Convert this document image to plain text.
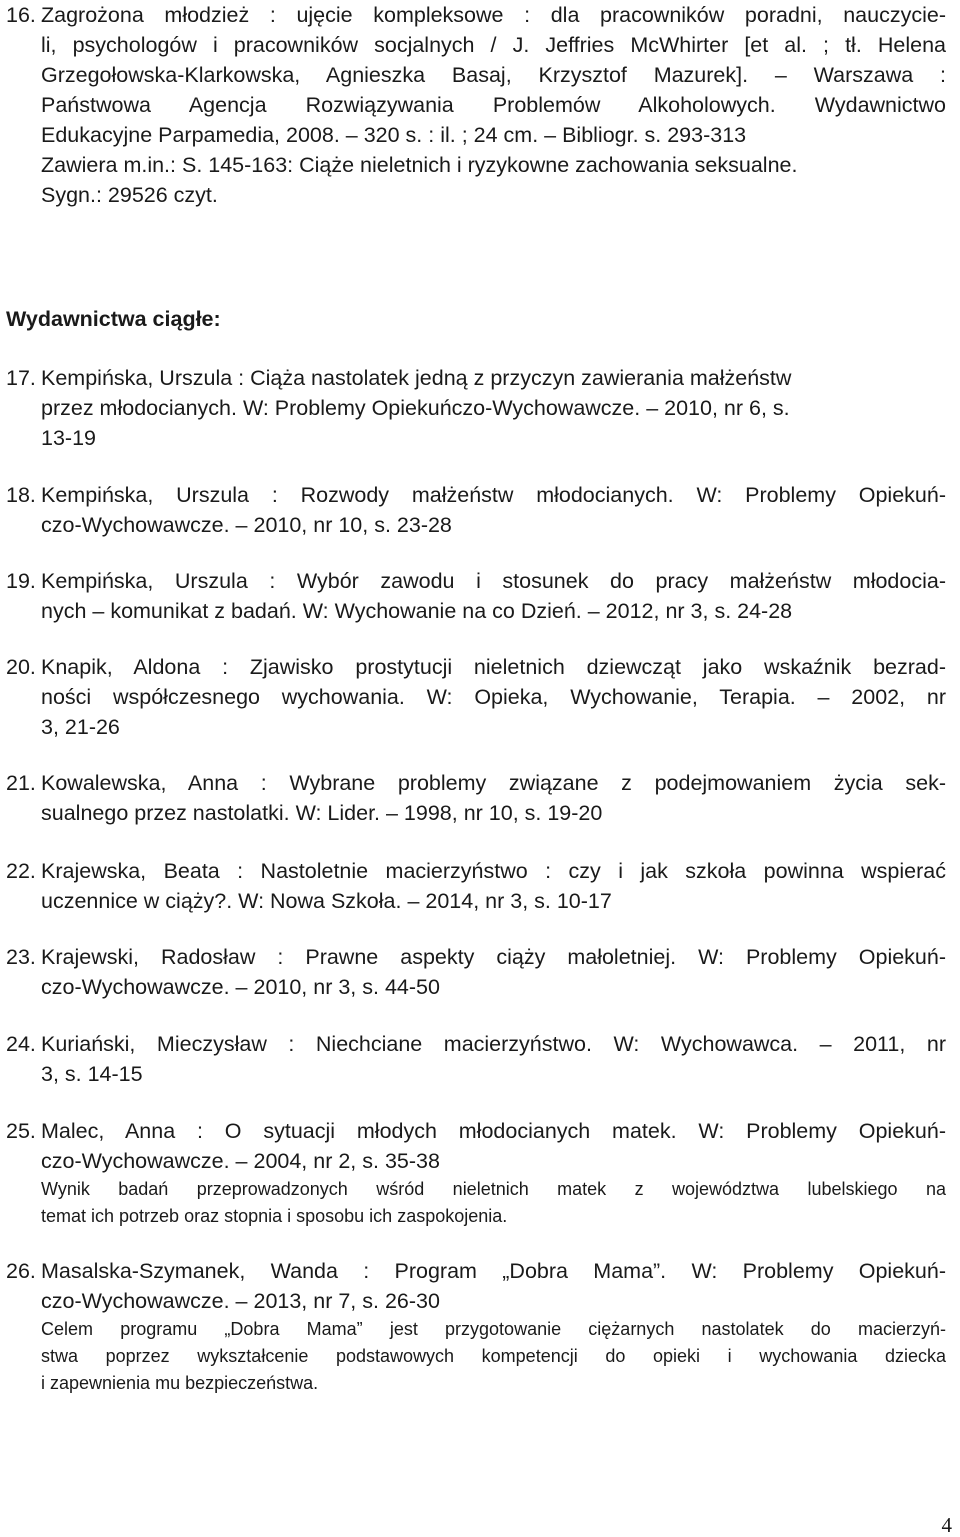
16. Zagrożona młodzież : ujęcie kompleksowe : dla pracowników poradni, nauczycie-
li, psychologów i pracowników socjalnych / J. Jeffries McWhirter [et al. ; tł. Helena
Grzegołowska-Klarkowska, Agnieszka Basaj, Krzysztof Mazurek]. – Warszawa :
Państwowa Agencja Rozwiązywania Problemów Alkoholowych. Wydawnictwo
Edukacyjne Parpamedia, 2008. – 320 s. : il. ; 24 cm. – Bibliogr. s. 293-313
Zawiera m.in.: S. 145-163: Ciąże nieletnich i ryzykowne zachowania seksualne.
Sygn.: 29526 czyt.
Wydawnictwa ciągłe:
17. Kempińska, Urszula : Ciąża nastolatek jedną z przyczyn zawierania małżeństw
przez młodocianych. W: Problemy Opiekuńczo-Wychowawcze. – 2010, nr 6, s.
13-19
18. Kempińska, Urszula : Rozwody małżeństw młodocianych. W: Problemy Opiekuń-
czo-Wychowawcze. – 2010, nr 10, s. 23-28
19. Kempińska, Urszula : Wybór zawodu i stosunek do pracy małżeństw młodocia-
nych – komunikat z badań. W: Wychowanie na co Dzień. – 2012, nr 3, s. 24-28
20. Knapik, Aldona : Zjawisko prostytucji nieletnich dziewcząt jako wskaźnik bezrad-
ności współczesnego wychowania. W: Opieka, Wychowanie, Terapia. – 2002, nr
3, 21-26
21. Kowalewska, Anna : Wybrane problemy związane z podejmowaniem życia sek-
sualnego przez nastolatki. W: Lider. – 1998, nr 10, s. 19-20
22. Krajewska, Beata : Nastoletnie macierzyństwo : czy i jak szkoła powinna wspierać
uczennice w ciąży?. W: Nowa Szkoła. – 2014, nr 3, s. 10-17
23. Krajewski, Radosław : Prawne aspekty ciąży małoletniej. W: Problemy Opiekuń-
czo-Wychowawcze. – 2010, nr 3, s. 44-50
24. Kuriański, Mieczysław : Niechciane macierzyństwo. W: Wychowawca. – 2011, nr
3, s. 14-15
25. Malec, Anna : O sytuacji młodych młodocianych matek. W: Problemy Opiekuń-
czo-Wychowawcze. – 2004, nr 2, s. 35-38
Wynik badań przeprowadzonych wśród nieletnich matek z województwa lubelskiego na
temat ich potrzeb oraz stopnia i sposobu ich zaspokojenia.
26. Masalska-Szymanek, Wanda : Program „Dobra Mama”. W: Problemy Opiekuń-
czo-Wychowawcze. – 2013, nr 7, s. 26-30
Celem programu „Dobra Mama” jest przygotowanie ciężarnych nastolatek do macierzyń-
stwa poprzez wykształcenie podstawowych kompetencji do opieki i wychowania dziecka
i zapewnienia mu bezpieczeństwa.
4
